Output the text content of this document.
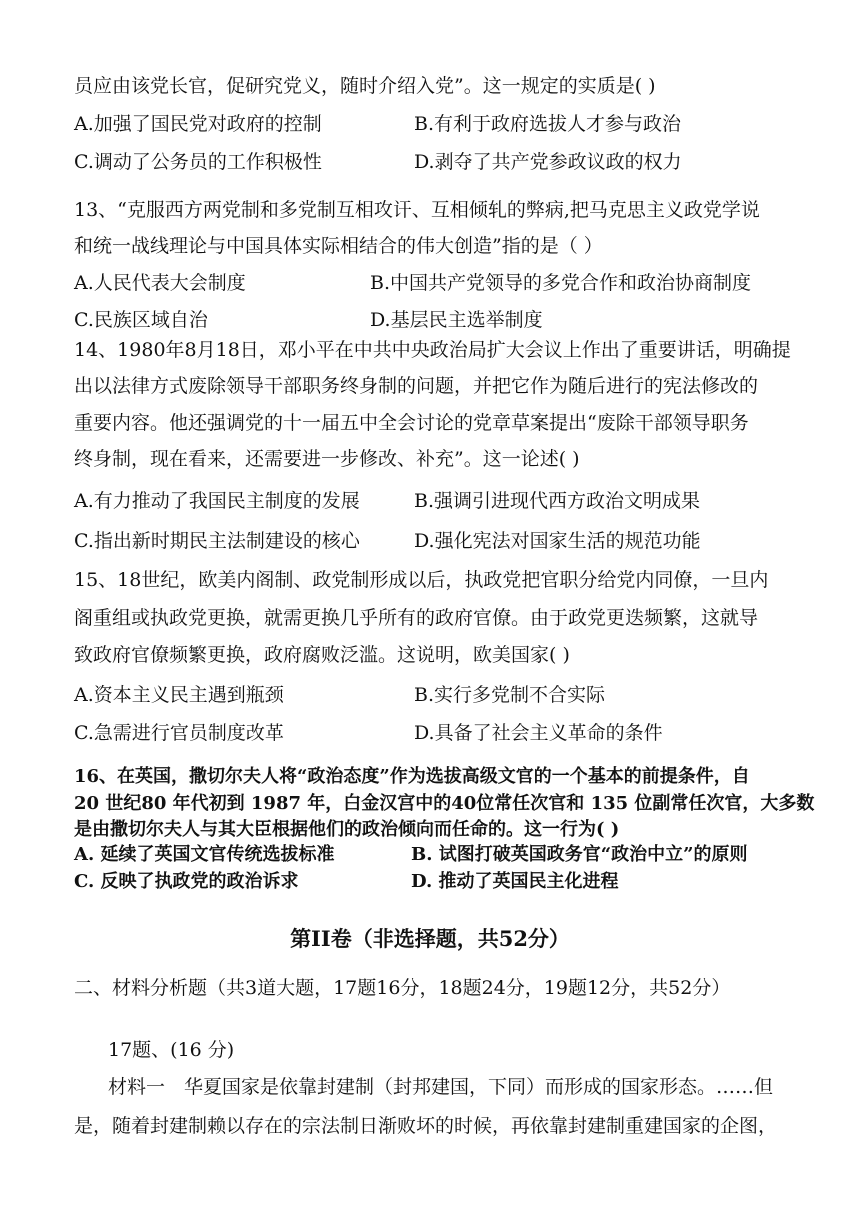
员应由该党长官，促研究党义，随时介绍入党”。这一规定的实质是( )
A.加强了国民党对政府的控制	B.有利于政府选拔人才参与政治
C.调动了公务员的工作积极性	D.剥夺了共产党参政议政的权力
13、“克服西方两党制和多党制互相攻讦、互相倾轧的弊病,把马克思主义政党学说
和统一战线理论与中国具体实际相结合的伟大创造”指的是（ ）
A.人民代表大会制度	B.中国共产党领导的多党合作和政治协商制度
C.民族区域自治	D.基层民主选举制度
14、1980年8月18日，邓小平在中共中央政治局扩大会议上作出了重要讲话，明确提
出以法律方式废除领导干部职务终身制的问题，并把它作为随后进行的宪法修改的
重要内容。他还强调党的十一届五中全会讨论的党章草案提出“废除干部领导职务
终身制，现在看来，还需要进一步修改、补充”。这一论述( )
A.有力推动了我国民主制度的发展	B.强调引进现代西方政治文明成果
C.指出新时期民主法制建设的核心	D.强化宪法对国家生活的规范功能
15、18世纪，欧美内阁制、政党制形成以后，执政党把官职分给党内同僚，一旦内
阁重组或执政党更换，就需更换几乎所有的政府官僚。由于政党更迭频繁，这就导
致政府官僚频繁更换，政府腐败泛滥。这说明，欧美国家( )
A.资本主义民主遇到瓶颈	B.实行多党制不合实际
C.急需进行官员制度改革	D.具备了社会主义革命的条件
16、在英国，撒切尔夫人将“政治态度”作为选拔高级文官的一个基本的前提条件，自
20 世纪80 年代初到 1987 年，白金汉宫中的40位常任次官和 135 位副常任次官，大多数
是由撒切尔夫人与其大臣根据他们的政治倾向而任命的。这一行为( )
A. 延续了英国文官传统选拔标准	B. 试图打破英国政务官“政治中立”的原则
C. 反映了执政党的政治诉求	D. 推动了英国民主化进程
第II卷（非选择题，共52分）
二、材料分析题（共3道大题，17题16分，18题24分，19题12分，共52分）
17题、(16 分)
材料一　华夏国家是依靠封建制（封邦建国，下同）而形成的国家形态。……但
是，随着封建制赖以存在的宗法制日渐败坏的时候，再依靠封建制重建国家的企图，
